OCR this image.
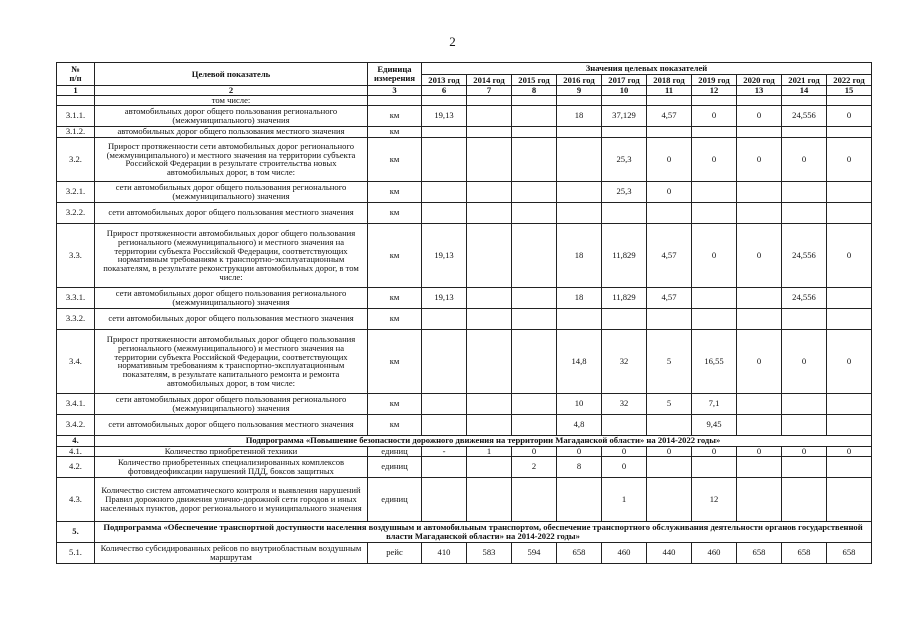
2
№
п/п	Целевой показатель	Единица
измерения	Значения целевых показателей									
			2013 год	2014 год	2015 год	2016 год	2017 год	2018 год	2019 год	2020 год	2021 год	2022 год
1	2	3	6	7	8	9	10	11	12	13	14	15
	том числе:											
3.1.1.	автомобильных дорог общего пользования регионального (межмуниципального) значения	км	19,13			18	37,129	4,57	0	0	24,556	0
3.1.2.	автомобильных дорог общего пользования местного значения	км										
3.2.	Прирост протяженности сети автомобильных дорог регионального (межмуниципального) и местного значения на территории субъекта Российской Федерации в результате строительства новых автомобильных дорог, в том числе:	км					25,3	0	0	0	0	0
3.2.1.	сети автомобильных дорог общего пользования регионального (межмуниципального) значения	км					25,3	0				
3.2.2.	сети автомобильных дорог общего пользования местного значения	км										
3.3.	Прирост протяженности автомобильных дорог общего пользования регионального (межмуниципального) и местного значения на территории субъекта Российской Федерации, соответствующих нормативным требованиям к транспортно-эксплуатационным показателям, в результате реконструкции автомобильных дорог, в том числе:	км	19,13			18	11,829	4,57	0	0	24,556	0
3.3.1.	сети автомобильных дорог общего пользования регионального (межмуниципального) значения	км	19,13			18	11,829	4,57			24,556	
3.3.2.	сети автомобильных дорог общего пользования местного значения	км										
3.4.	Прирост протяженности автомобильных дорог общего пользования регионального (межмуниципального) и местного значения на территории субъекта Российской Федерации, соответствующих нормативным требованиям к транспортно-эксплуатационным показателям, в результате капитального ремонта и ремонта автомобильных дорог, в том числе:	км				14,8	32	5	16,55	0	0	0
3.4.1.	сети автомобильных дорог общего пользования регионального (межмуниципального) значения	км				10	32	5	7,1			
3.4.2.	сети автомобильных дорог общего пользования местного значения	км				4,8			9,45			
4.	Подпрограмма «Повышение безопасности дорожного движения на территории Магаданской области» на 2014-2022 годы»											
4.1.	Количество приобретенной техники	единиц	-	1	0	0	0	0	0	0	0	0
4.2.	Количество приобретенных специализированных комплексов фотовидеофиксации нарушений ПДД, боксов защитных	единиц			2	8	0					
4.3.	Количество систем автоматического контроля и выявления нарушений Правил дорожного движения улично-дорожной сети городов и иных населенных пунктов, дорог регионального и муниципального значения	единиц					1		12			
5.	Подпрограмма «Обеспечение транспортной доступности населения воздушным и автомобильным транспортом, обеспечение транспортного обслуживания деятельности органов государственной власти Магаданской области» на 2014-2022 годы»											
5.1.	Количество субсидированных рейсов по внутриобластным воздушным маршрутам	рейс	410	583	594	658	460	440	460	658	658	658
